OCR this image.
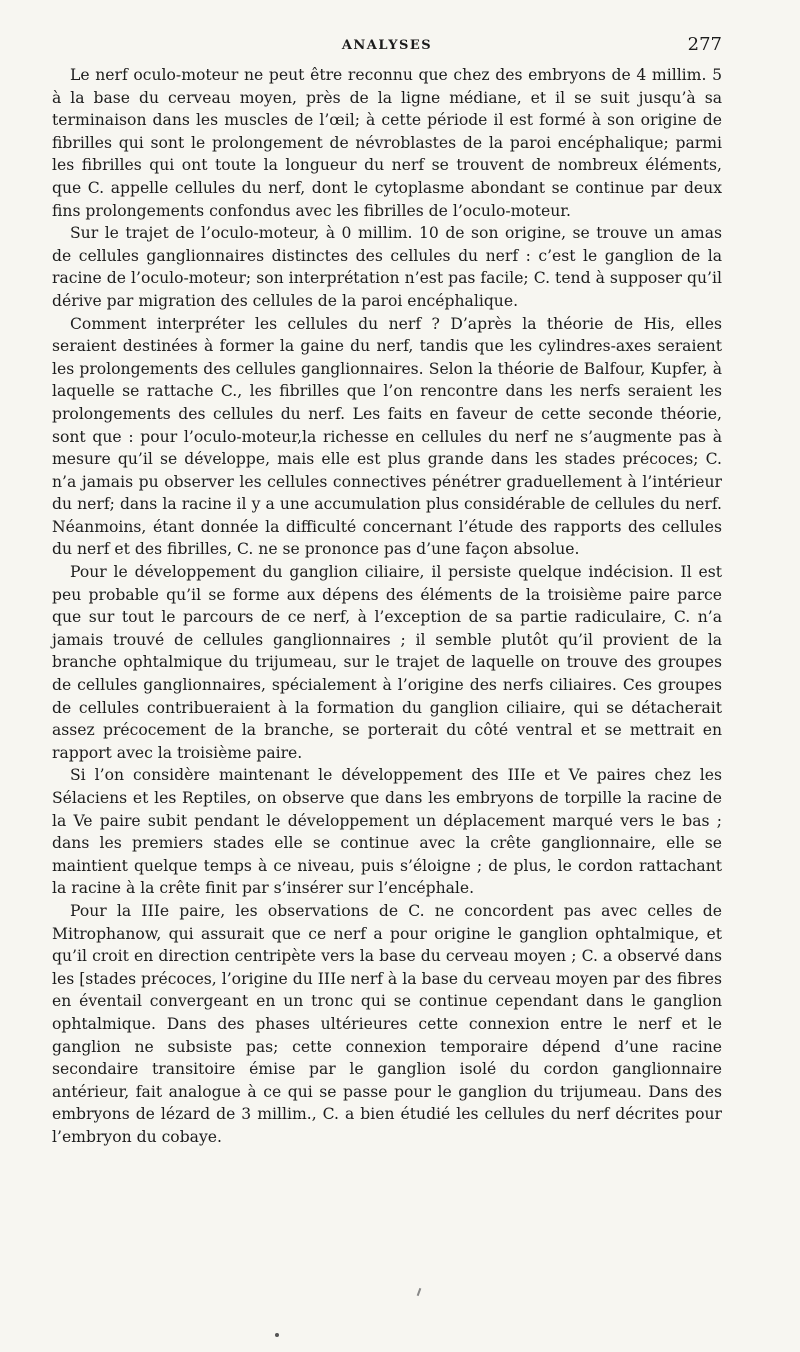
ANALYSES	277

Le nerf oculo-moteur ne peut être reconnu que chez des embryons de 4 millim. 5 à la base du cerveau moyen, près de la ligne médiane, et il se suit jusqu’à sa terminaison dans les muscles de l’œil; à cette période il est formé à son origine de fibrilles qui sont le prolongement de névroblastes de la paroi encéphalique; parmi les fibrilles qui ont toute la longueur du nerf se trouvent de nombreux éléments, que C. appelle cellules du nerf, dont le cytoplasme abondant se continue par deux fins prolongements confondus avec les fibrilles de l’oculo-moteur.

Sur le trajet de l’oculo-moteur, à 0 millim. 10 de son origine, se trouve un amas de cellules ganglionnaires distinctes des cellules du nerf : c’est le ganglion de la racine de l’oculo-moteur; son interprétation n’est pas facile; C. tend à supposer qu’il dérive par migration des cellules de la paroi encéphalique.

Comment interpréter les cellules du nerf ? D’après la théorie de His, elles seraient destinées à former la gaine du nerf, tandis que les cylindres-axes seraient les prolongements des cellules ganglionnaires. Selon la théorie de Balfour, Kupfer, à laquelle se rattache C., les fibrilles que l’on rencontre dans les nerfs seraient les prolongements des cellules du nerf. Les faits en faveur de cette seconde théorie, sont que : pour l’oculo-moteur,la richesse en cellules du nerf ne s’augmente pas à mesure qu’il se développe, mais elle est plus grande dans les stades précoces; C. n’a jamais pu observer les cellules connectives pénétrer graduellement à l’intérieur du nerf; dans la racine il y a une accumulation plus considérable de cellules du nerf. Néanmoins, étant donnée la difficulté concernant l’étude des rapports des cellules du nerf et des fibrilles, C. ne se prononce pas d’une façon absolue.

Pour le développement du ganglion ciliaire, il persiste quelque indécision. Il est peu probable qu’il se forme aux dépens des éléments de la troisième paire parce que sur tout le parcours de ce nerf, à l’exception de sa partie radiculaire, C. n’a jamais trouvé de cellules ganglionnaires ; il semble plutôt qu’il provient de la branche ophtalmique du trijumeau, sur le trajet de laquelle on trouve des groupes de cellules ganglionnaires, spécialement à l’origine des nerfs ciliaires. Ces groupes de cellules contribueraient à la formation du ganglion ciliaire, qui se détacherait assez précocement de la branche, se porterait du côté ventral et se mettrait en rapport avec la troisième paire.

Si l’on considère maintenant le développement des IIIe et Ve paires chez les Sélaciens et les Reptiles, on observe que dans les embryons de torpille la racine de la Ve paire subit pendant le développement un déplacement marqué vers le bas ; dans les premiers stades elle se continue avec la crête ganglionnaire, elle se maintient quelque temps à ce niveau, puis s’éloigne ; de plus, le cordon rattachant la racine à la crête finit par s’insérer sur l’encéphale.

Pour la IIIe paire, les observations de C. ne concordent pas avec celles de Mitrophanow, qui assurait que ce nerf a pour origine le ganglion ophtalmique, et qu’il croit en direction centripète vers la base du cerveau moyen ; C. a observé dans les [stades précoces, l’origine du IIIe nerf à la base du cerveau moyen par des fibres en éventail convergeant en un tronc qui se continue cependant dans le ganglion ophtalmique. Dans des phases ultérieures cette connexion entre le nerf et le ganglion ne subsiste pas; cette connexion temporaire dépend d’une racine secondaire transitoire émise par le ganglion isolé du cordon ganglionnaire antérieur, fait analogue à ce qui se passe pour le ganglion du trijumeau. Dans des embryons de lézard de 3 millim., C. a bien étudié les cellules du nerf décrites pour l’embryon du cobaye.
